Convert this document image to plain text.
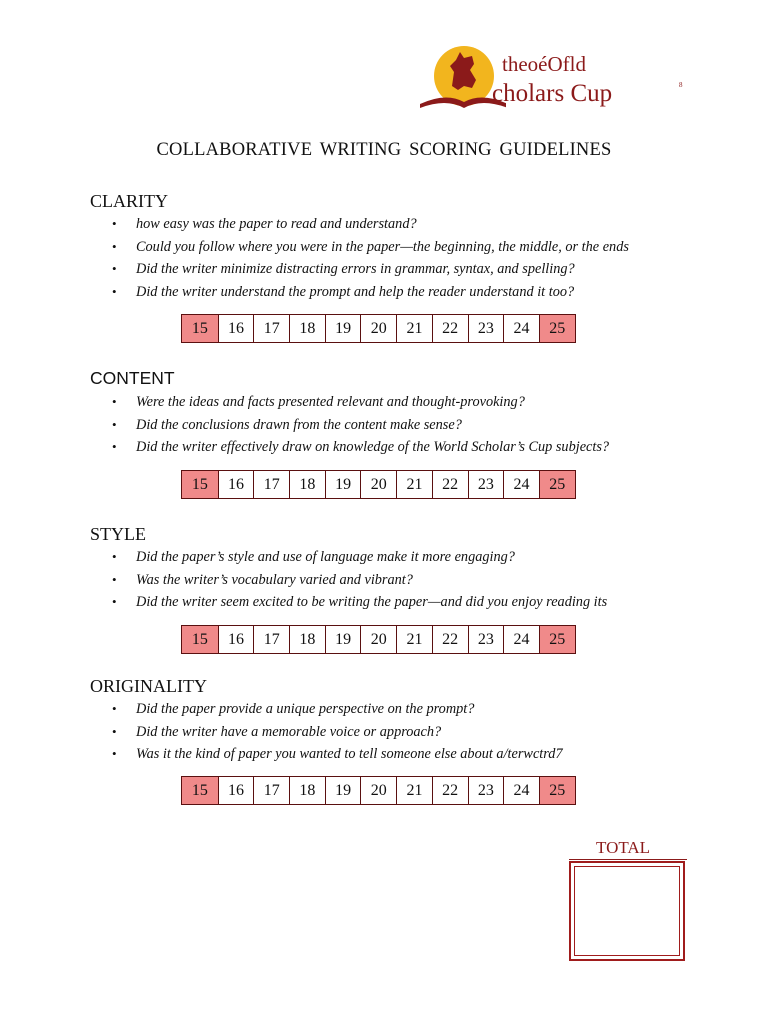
theoéOfld
cholars Cup	8
COLLABORATIVE WRITING SCORING GUIDELINES
CLARITY
• how easy was the paper to read and understand?
• Could you follow where you were in the paper—the beginning, the middle, or the ends
• Did the writer minimize distracting errors in grammar, syntax, and spelling?
• Did the writer understand the prompt and help the reader understand it too?
15	16	17	18	19	20	21	22	23	24	25
CONTENT
• Were the ideas and facts presented relevant and thought-provoking?
• Did the conclusions drawn from the content make sense?
• Did the writer effectively draw on knowledge of the World Scholar’s Cup subjects?
15	16	17	18	19	20	21	22	23	24	25
STYLE
• Did the paper’s style and use of language make it more engaging?
• Was the writer’s vocabulary varied and vibrant?
• Did the writer seem excited to be writing the paper—and did you enjoy reading its
15	16	17	18	19	20	21	22	23	24	25
ORIGINALITY
• Did the paper provide a unique perspective on the prompt?
• Did the writer have a memorable voice or approach?
• Was it the kind of paper you wanted to tell someone else about a/terwctrd7
15	16	17	18	19	20	21	22	23	24	25
TOTAL
